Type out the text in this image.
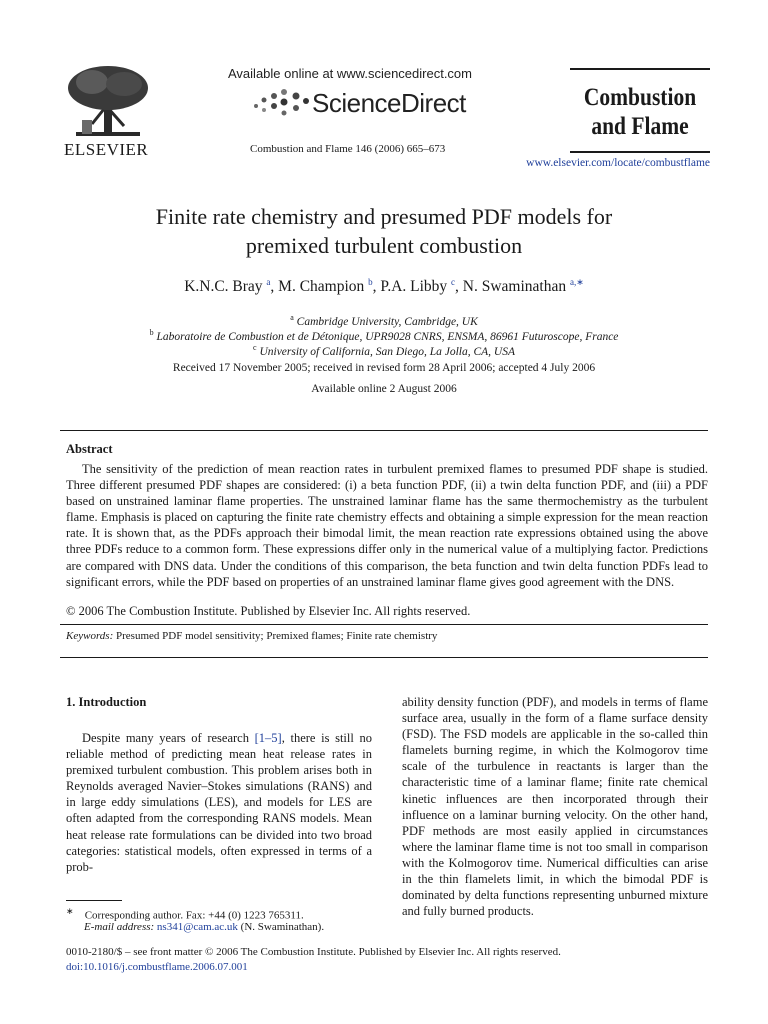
ELSEVIER
Available online at www.sciencedirect.com
ScienceDirect
Combustion and Flame 146 (2006) 665–673
Combustion
and Flame
www.elsevier.com/locate/combustflame
Finite rate chemistry and presumed PDF models for
premixed turbulent combustion
K.N.C. Bray $^a$, M. Champion $^b$, P.A. Libby $^c$, N. Swaminathan $^{a,∗}$
$^a$ Cambridge University, Cambridge, UK
$^b$ Laboratoire de Combustion et de Détonique, UPR9028 CNRS, ENSMA, 86961 Futuroscope, France
$^c$ University of California, San Diego, La Jolla, CA, USA
Received 17 November 2005; received in revised form 28 April 2006; accepted 4 July 2006
Available online 2 August 2006
Abstract
The sensitivity of the prediction of mean reaction rates in turbulent premixed flames to presumed PDF shape is studied. Three different presumed PDF shapes are considered: (i) a beta function PDF, (ii) a twin delta function PDF, and (iii) a PDF based on unstrained laminar flame properties. The unstrained laminar flame has the same thermochemistry as the turbulent flame. Emphasis is placed on capturing the finite rate chemistry effects and obtaining a simple expression for the mean reaction rate. It is shown that, as the PDFs approach their bimodal limit, the mean reaction rate expressions obtained using the above three PDFs reduce to a common form. These expressions differ only in the numerical value of a multiplying factor. Predictions are compared with DNS data. Under the conditions of this comparison, the beta function and twin delta function PDFs lead to significant errors, while the PDF based on properties of an unstrained laminar flame gives good agreement with the DNS.
© 2006 The Combustion Institute. Published by Elsevier Inc. All rights reserved.
Keywords: Presumed PDF model sensitivity; Premixed flames; Finite rate chemistry
1. Introduction
Despite many years of research [1–5], there is still no reliable method of predicting mean heat release rates in premixed turbulent combustion. This problem arises both in Reynolds averaged Navier–Stokes simulations (RANS) and in large eddy simulations (LES), and models for LES are often adapted from the corresponding RANS models. Mean heat release rate formulations can be divided into two broad categories: statistical models, often expressed in terms of a prob-
ability density function (PDF), and models in terms of flame surface area, usually in the form of a flame surface density (FSD). The FSD models are applicable in the so-called thin flamelets burning regime, in which the Kolmogorov time scale of the turbulence in reactants is larger than the characteristic time of a laminar flame; finite rate chemical kinetic influences are then incorporated through their influence on a laminar burning velocity. On the other hand, PDF methods are most easily applied in circumstances where the laminar flame time is not too small in comparison with the Kolmogorov time. Numerical difficulties can arise in the thin flamelets limit, in which the bimodal PDF is dominated by delta functions representing unburned mixture and fully burned products.
∗ Corresponding author. Fax: +44 (0) 1223 765311.
E-mail address: ns341@cam.ac.uk (N. Swaminathan).
0010-2180/$ – see front matter © 2006 The Combustion Institute. Published by Elsevier Inc. All rights reserved.
doi:10.1016/j.combustflame.2006.07.001
